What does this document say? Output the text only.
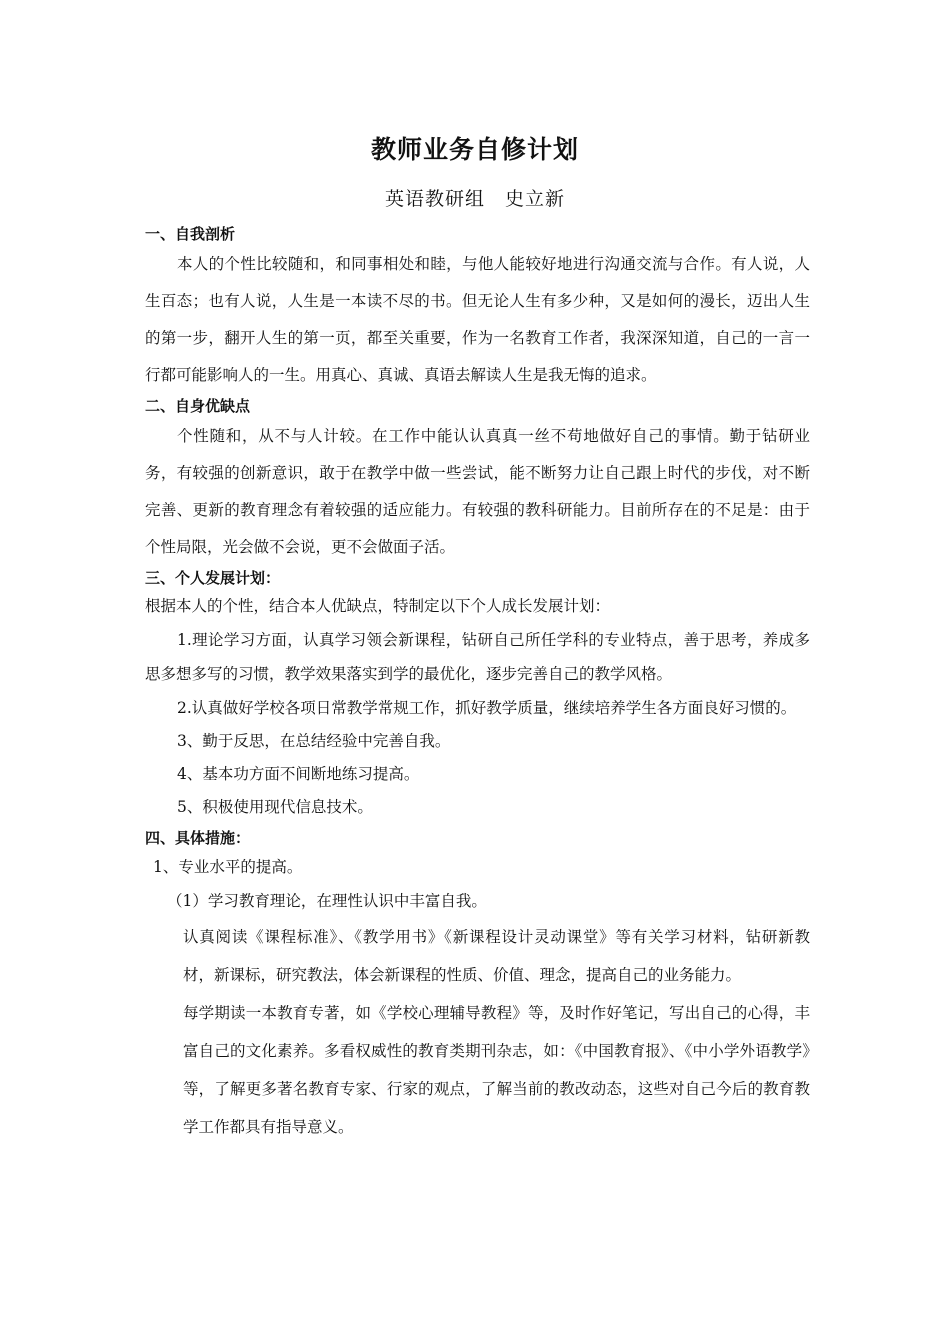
教师业务自修计划
英语教研组　史立新

一、自我剖析

本人的个性比较随和，和同事相处和睦，与他人能较好地进行沟通交流与合作。有人说，人生百态；也有人说，人生是一本读不尽的书。但无论人生有多少种，又是如何的漫长，迈出人生的第一步，翻开人生的第一页，都至关重要，作为一名教育工作者，我深深知道，自己的一言一行都可能影响人的一生。用真心、真诚、真语去解读人生是我无悔的追求。

二、自身优缺点

个性随和，从不与人计较。在工作中能认认真真一丝不苟地做好自己的事情。勤于钻研业务，有较强的创新意识，敢于在教学中做一些尝试，能不断努力让自己跟上时代的步伐，对不断完善、更新的教育理念有着较强的适应能力。有较强的教科研能力。目前所存在的不足是：由于个性局限，光会做不会说，更不会做面子活。

三、个人发展计划：

根据本人的个性，结合本人优缺点，特制定以下个人成长发展计划：

1.理论学习方面，认真学习领会新课程，钻研自己所任学科的专业特点，善于思考，养成多思多想多写的习惯，教学效果落实到学的最优化，逐步完善自己的教学风格。

2.认真做好学校各项日常教学常规工作，抓好教学质量，继续培养学生各方面良好习惯的。

3、勤于反思，在总结经验中完善自我。

4、基本功方面不间断地练习提高。

5、积极使用现代信息技术。

四、具体措施：

1、专业水平的提高。

（1）学习教育理论，在理性认识中丰富自我。

认真阅读《课程标准》、《教学用书》《新课程设计灵动课堂》等有关学习材料，钻研新教材，新课标，研究教法，体会新课程的性质、价值、理念，提高自己的业务能力。

每学期读一本教育专著，如《学校心理辅导教程》等，及时作好笔记，写出自己的心得，丰富自己的文化素养。多看权威性的教育类期刊杂志，如：《中国教育报》、《中小学外语教学》等，了解更多著名教育专家、行家的观点，了解当前的教改动态，这些对自己今后的教育教学工作都具有指导意义。
